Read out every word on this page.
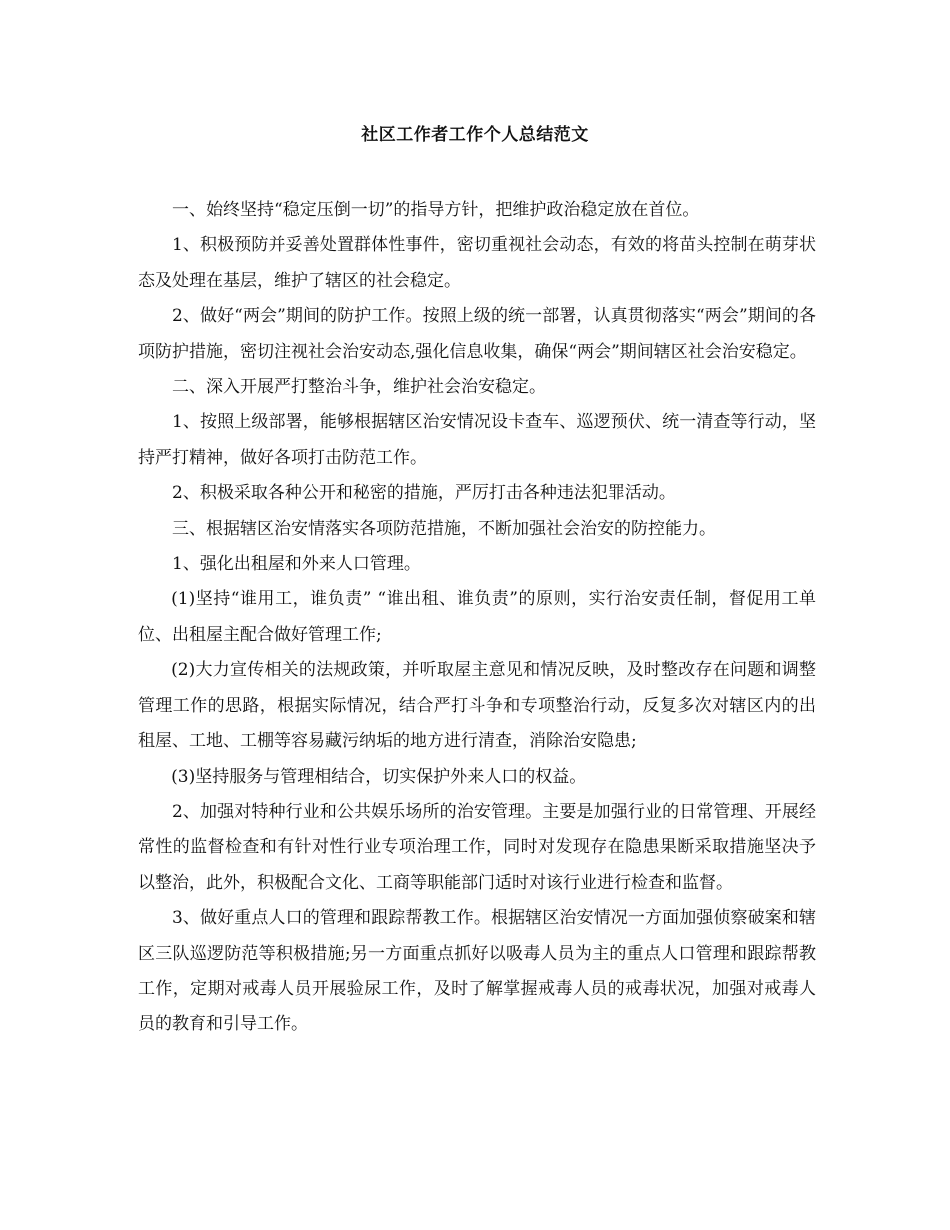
社区工作者工作个人总结范文

一、始终坚持“稳定压倒一切”的指导方针，把维护政治稳定放在首位。

1、积极预防并妥善处置群体性事件，密切重视社会动态，有效的将苗头控制在萌芽状态及处理在基层，维护了辖区的社会稳定。

2、做好“两会”期间的防护工作。按照上级的统一部署，认真贯彻落实“两会”期间的各项防护措施，密切注视社会治安动态,强化信息收集，确保“两会”期间辖区社会治安稳定。

二、深入开展严打整治斗争，维护社会治安稳定。

1、按照上级部署，能够根据辖区治安情况设卡查车、巡逻预伏、统一清查等行动，坚持严打精神，做好各项打击防范工作。

2、积极采取各种公开和秘密的措施，严厉打击各种违法犯罪活动。

三、根据辖区治安情落实各项防范措施，不断加强社会治安的防控能力。

1、强化出租屋和外来人口管理。

(1)坚持“谁用工，谁负责” “谁出租、谁负责”的原则，实行治安责任制，督促用工单位、出租屋主配合做好管理工作;

(2)大力宣传相关的法规政策，并听取屋主意见和情况反映，及时整改存在问题和调整管理工作的思路，根据实际情况，结合严打斗争和专项整治行动，反复多次对辖区内的出租屋、工地、工棚等容易藏污纳垢的地方进行清查，消除治安隐患;

(3)坚持服务与管理相结合，切实保护外来人口的权益。

2、加强对特种行业和公共娱乐场所的治安管理。主要是加强行业的日常管理、开展经常性的监督检查和有针对性行业专项治理工作，同时对发现存在隐患果断采取措施坚决予以整治，此外，积极配合文化、工商等职能部门适时对该行业进行检查和监督。

3、做好重点人口的管理和跟踪帮教工作。根据辖区治安情况一方面加强侦察破案和辖区三队巡逻防范等积极措施;另一方面重点抓好以吸毒人员为主的重点人口管理和跟踪帮教工作，定期对戒毒人员开展验尿工作，及时了解掌握戒毒人员的戒毒状况，加强对戒毒人员的教育和引导工作。
